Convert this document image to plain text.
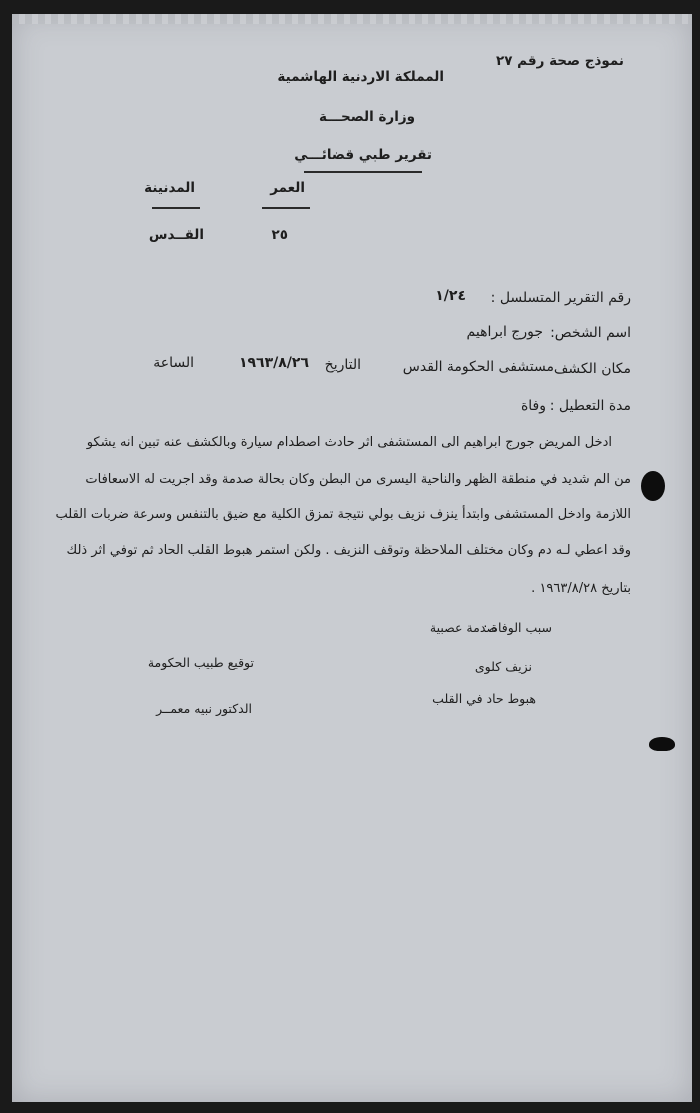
نموذج صحة رقم ٢٧
المملكة الاردنية الهاشمية
وزارة الصحـــة
تقرير طبي قضائـــي
العمر
٢٥
المدنينة
القــدس
رقم التقرير المتسلسل :
١/٢٤
اسم الشخص:
جورج ابراهيم
مكان الكشف
مستشفى الحكومة القدس
التاريخ
١٩٦٣/٨/٢٦
الساعة
مدة التعطيل :
وفاة
ادخل المريض جورج ابراهيم الى المستشفى اثر حادث اصطدام سيارة وبالكشف عنه تبين انه يشكو
من الم شديد في منطقة الظهر والناحية اليسرى من البطن وكان بحالة صدمة وقد اجريت له الاسعافات
اللازمة وادخل المستشفى وابتدأ ينزف نزيف بولي نتيجة تمزق الكلية مع ضيق بالتنفس وسرعة ضربات القلب
وقد اعطي لـه دم وكان مختلف الملاحظة وتوقف النزيف . ولكن استمر هبوط القلب الحاد ثم توفي اثر ذلك
بتاريخ ١٩٦٣/٨/٢٨ .
سبب الوفاة :
صدمة عصبية
نزيف كلوى
هبوط حاد في القلب
توقيع طبيب الحكومة
الدكتور نبيه معمــر
